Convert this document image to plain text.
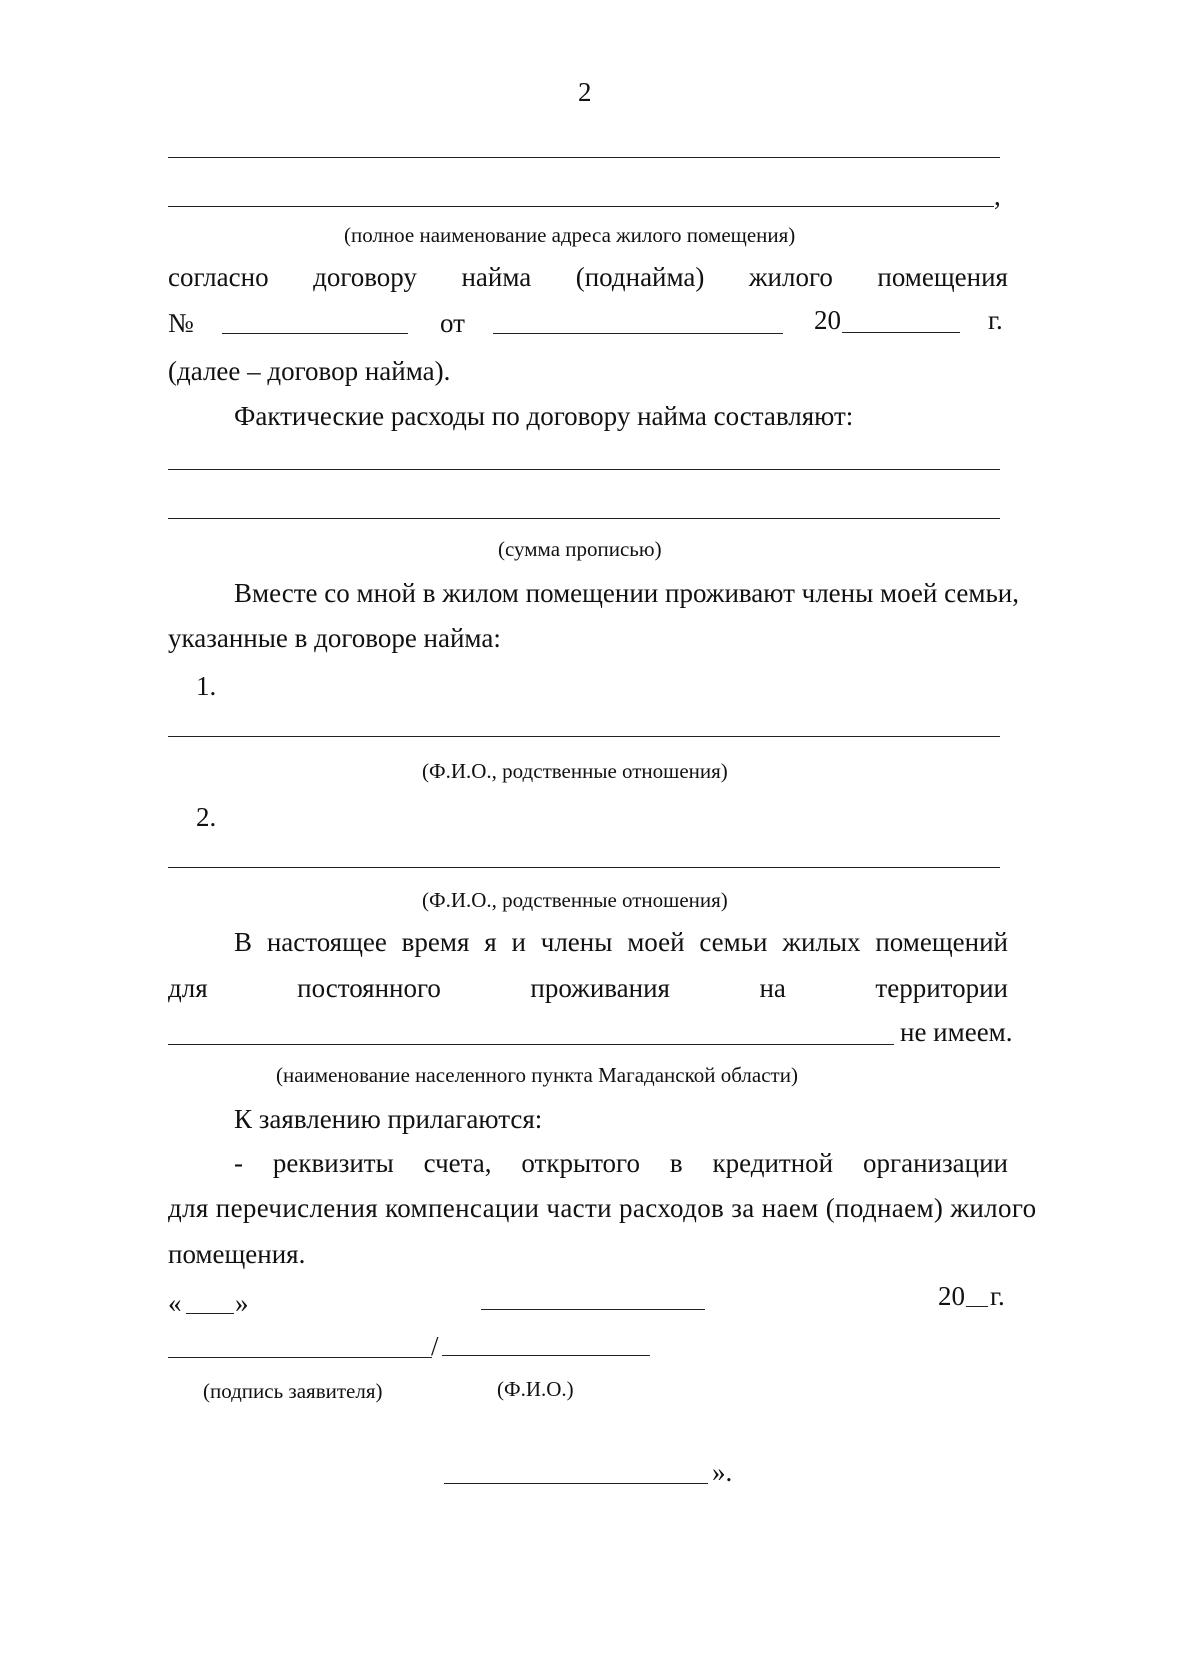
2
,
(полное наименование адреса жилого помещения)
согласно договору найма (поднайма) жилого помещения
№	от	20	г.
(далее – договор найма).
Фактические расходы по договору найма составляют:
(сумма прописью)
Вместе со мной в жилом помещении проживают члены моей семьи,
указанные в договоре найма:
1.
(Ф.И.О., родственные отношения)
2.
(Ф.И.О., родственные отношения)
В настоящее время я и члены моей семьи жилых помещений
для	постоянного	проживания	на	территории
не имеем.
(наименование населенного пункта Магаданской области)
К заявлению прилагаются:
- реквизиты счета, открытого в кредитной организации
для перечисления компенсации части расходов за наем (поднаем) жилого
помещения.
« »	20 г.
/
(подпись заявителя)	(Ф.И.О.)
».
